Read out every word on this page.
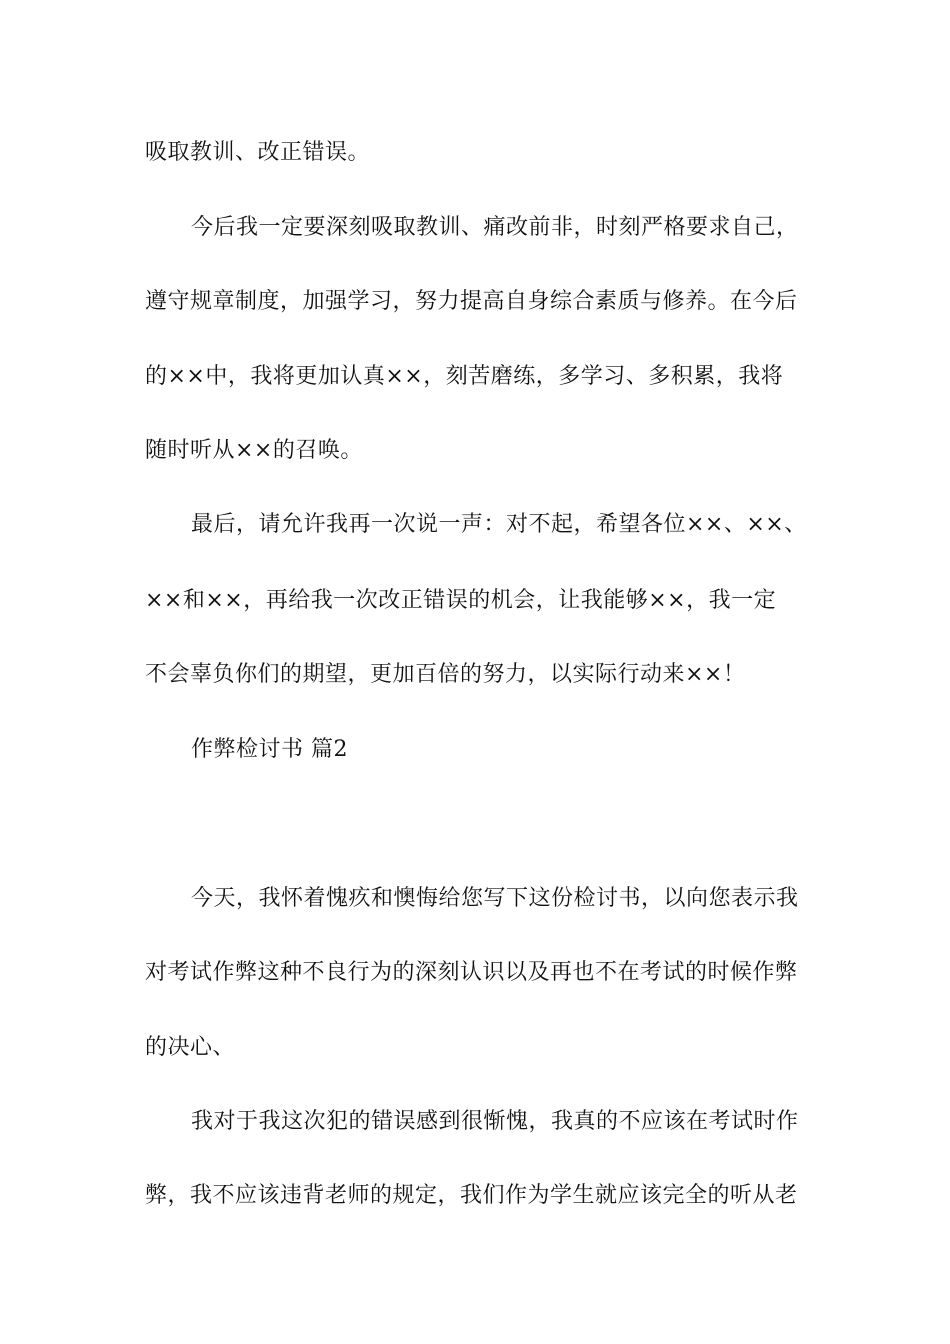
吸取教训、改正错误。
今后我一定要深刻吸取教训、痛改前非，时刻严格要求自己，
遵守规章制度，加强学习，努力提高自身综合素质与修养。在今后
的××中，我将更加认真××，刻苦磨练，多学习、多积累，我将
随时听从××的召唤。
最后，请允许我再一次说一声：对不起，希望各位××、××、
××和××，再给我一次改正错误的机会，让我能够××，我一定
不会辜负你们的期望，更加百倍的努力，以实际行动来××！
作弊检讨书 篇2
今天，我怀着愧疚和懊悔给您写下这份检讨书，以向您表示我
对考试作弊这种不良行为的深刻认识以及再也不在考试的时候作弊
的决心、
我对于我这次犯的错误感到很惭愧，我真的不应该在考试时作
弊，我不应该违背老师的规定，我们作为学生就应该完全的听从老
